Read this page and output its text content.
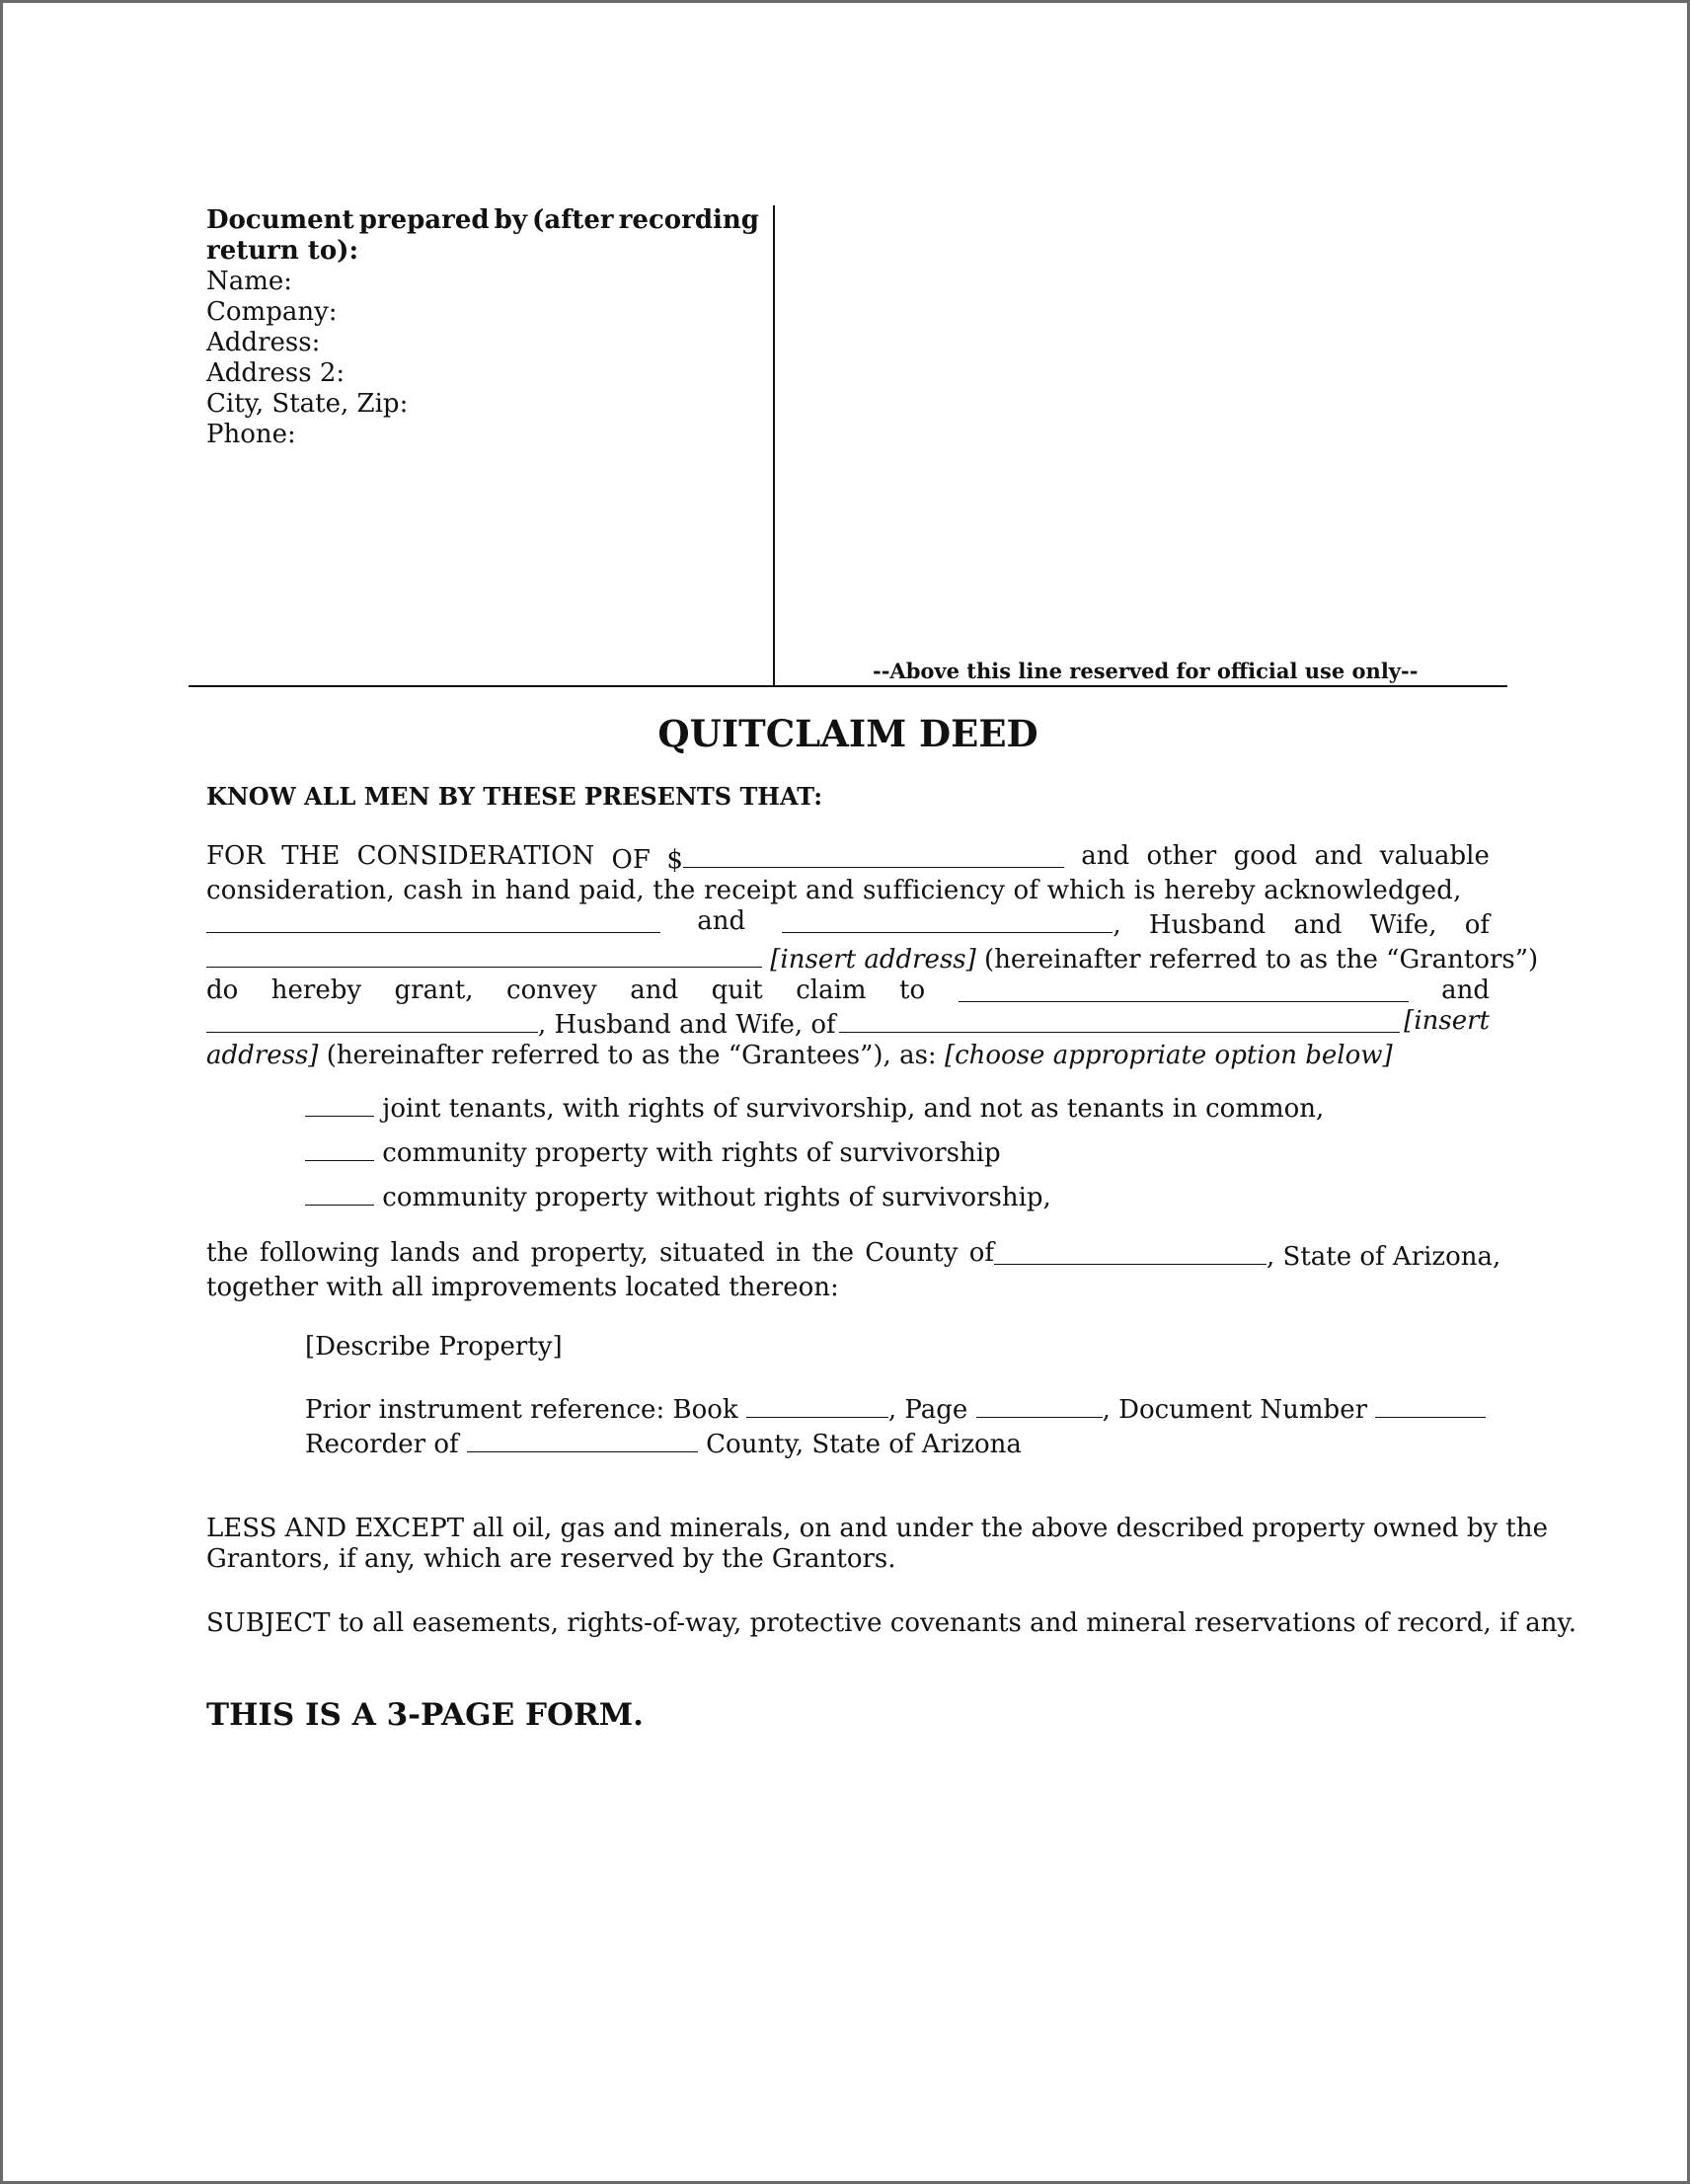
Document prepared by (after recording
return to):
Name:
Company:
Address:
Address 2:
City, State, Zip:
Phone:
--Above this line reserved for official use only--
QUITCLAIM DEED
KNOW ALL MEN BY THESE PRESENTS THAT:
FOR THE CONSIDERATION OF $	and other good and valuable
consideration, cash in hand paid, the receipt and sufficiency of which is hereby acknowledged,
and	, Husband and Wife, of
[insert address] (hereinafter referred to as the “Grantors”)
do hereby grant, convey and quit claim to	and
, Husband and Wife, of	[insert
address] (hereinafter referred to as the “Grantees”), as: [choose appropriate option below]
joint tenants, with rights of survivorship, and not as tenants in common,
community property with rights of survivorship
community property without rights of survivorship,
the following lands and property, situated in the County of	, State of Arizona,
together with all improvements located thereon:
[Describe Property]
Prior instrument reference: Book	, Page	, Document Number
Recorder of	County, State of Arizona
LESS AND EXCEPT all oil, gas and minerals, on and under the above described property owned by the
Grantors, if any, which are reserved by the Grantors.
SUBJECT to all easements, rights-of-way, protective covenants and mineral reservations of record, if any.
THIS IS A 3-PAGE FORM.
